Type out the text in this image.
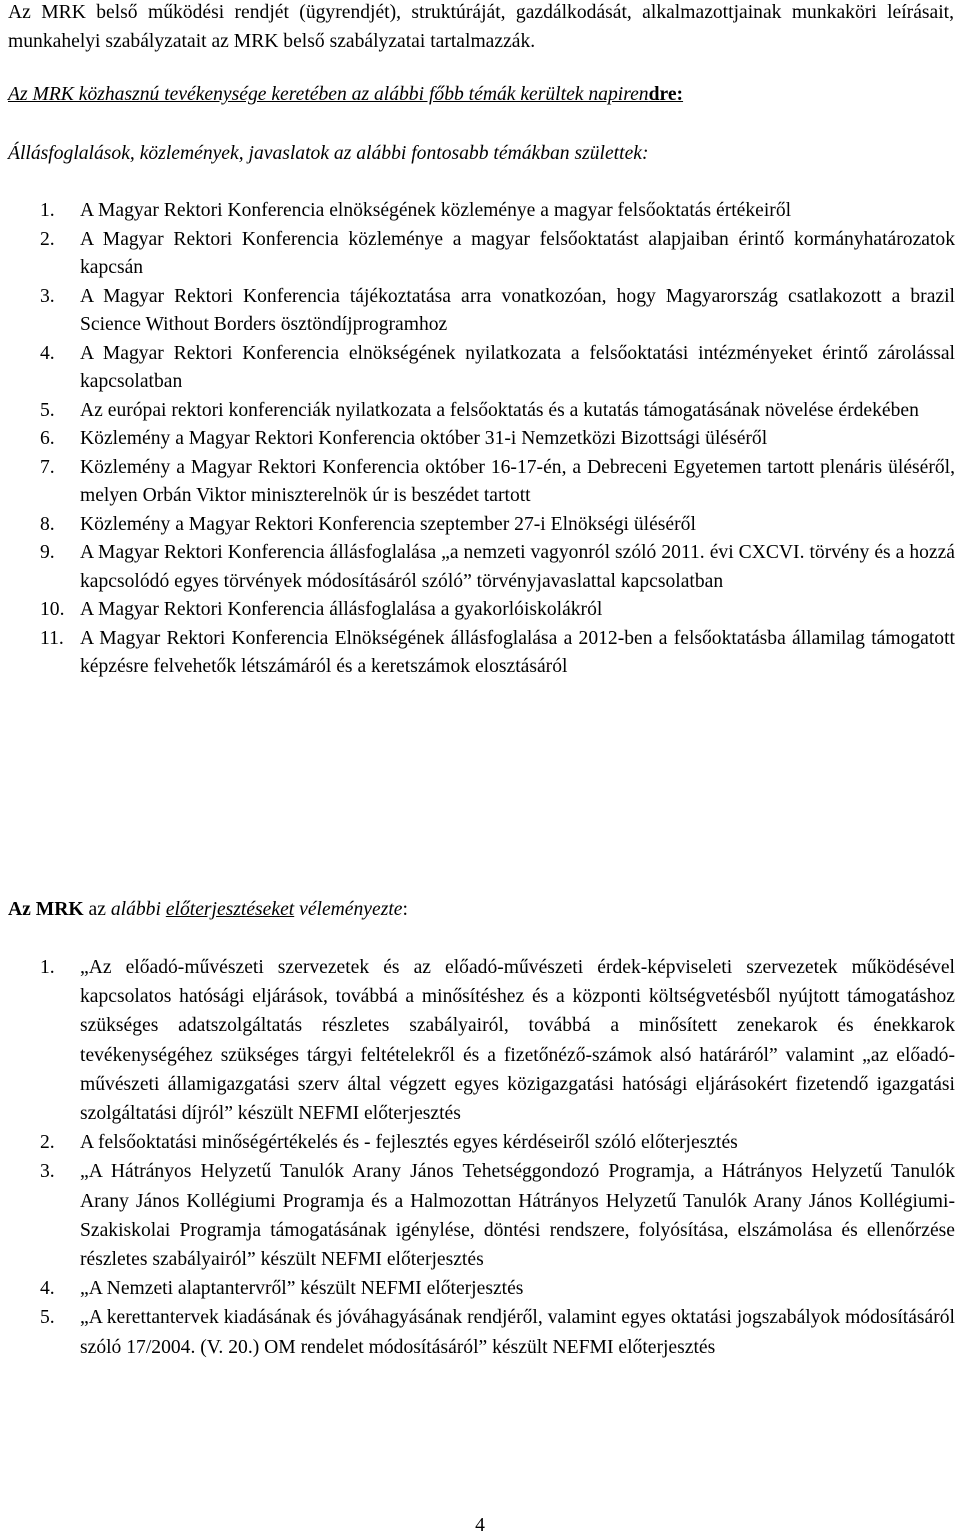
Az MRK belső működési rendjét (ügyrendjét), struktúráját, gazdálkodását, alkalmazottjainak munkaköri leírásait, munkahelyi szabályzatait az MRK belső szabályzatai tartalmazzák.

Az MRK közhasznú tevékenysége keretében az alábbi főbb témák kerültek napirendre:

Állásfoglalások, közlemények, javaslatok az alábbi fontosabb témákban születtek:

1. A Magyar Rektori Konferencia elnökségének közleménye a magyar felsőoktatás értékeiről
2. A Magyar Rektori Konferencia közleménye a magyar felsőoktatást alapjaiban érintő kormányhatározatok kapcsán
3. A Magyar Rektori Konferencia tájékoztatása arra vonatkozóan, hogy Magyarország csatlakozott a brazil Science Without Borders ösztöndíjprogramhoz
4. A Magyar Rektori Konferencia elnökségének nyilatkozata a felsőoktatási intézményeket érintő zárolással kapcsolatban
5. Az európai rektori konferenciák nyilatkozata a felsőoktatás és a kutatás támogatásának növelése érdekében
6. Közlemény a Magyar Rektori Konferencia október 31-i Nemzetközi Bizottsági üléséről
7. Közlemény a Magyar Rektori Konferencia október 16-17-én, a Debreceni Egyetemen tartott plenáris üléséről, melyen Orbán Viktor miniszterelnök úr is beszédet tartott
8. Közlemény a Magyar Rektori Konferencia szeptember 27-i Elnökségi üléséről
9. A Magyar Rektori Konferencia állásfoglalása „a nemzeti vagyonról szóló 2011. évi CXCVI. törvény és a hozzá kapcsolódó egyes törvények módosításáról szóló” törvényjavaslattal kapcsolatban
10. A Magyar Rektori Konferencia állásfoglalása a gyakorlóiskolákról
11. A Magyar Rektori Konferencia Elnökségének állásfoglalása a 2012-ben a felsőoktatásba államilag támogatott képzésre felvehetők létszámáról és a keretszámok elosztásáról

Az MRK az alábbi előterjesztéseket véleményezte:

1. „Az előadó-művészeti szervezetek és az előadó-művészeti érdek-képviseleti szervezetek működésével kapcsolatos hatósági eljárások, továbbá a minősítéshez és a központi költségvetésből nyújtott támogatáshoz szükséges adatszolgáltatás részletes szabályairól, továbbá a minősített zenekarok és énekkarok tevékenységéhez szükséges tárgyi feltételekről és a fizetőnéző-számok alsó határáról” valamint „az előadó-művészeti államigazgatási szerv által végzett egyes közigazgatási hatósági eljárásokért fizetendő igazgatási szolgáltatási díjról” készült NEFMI előterjesztés
2. A felsőoktatási minőségértékelés és - fejlesztés egyes kérdéseiről szóló előterjesztés
3. „A Hátrányos Helyzetű Tanulók Arany János Tehetséggondozó Programja, a Hátrányos Helyzetű Tanulók Arany János Kollégiumi Programja és a Halmozottan Hátrányos Helyzetű Tanulók Arany János Kollégiumi-Szakiskolai Programja támogatásának igénylése, döntési rendszere, folyósítása, elszámolása és ellenőrzése részletes szabályairól” készült NEFMI előterjesztés
4. „A Nemzeti alaptantervről” készült NEFMI előterjesztés
5. „A kerettantervek kiadásának és jóváhagyásának rendjéről, valamint egyes oktatási jogszabályok módosításáról szóló 17/2004. (V. 20.) OM rendelet módosításáról” készült NEFMI előterjesztés
4
